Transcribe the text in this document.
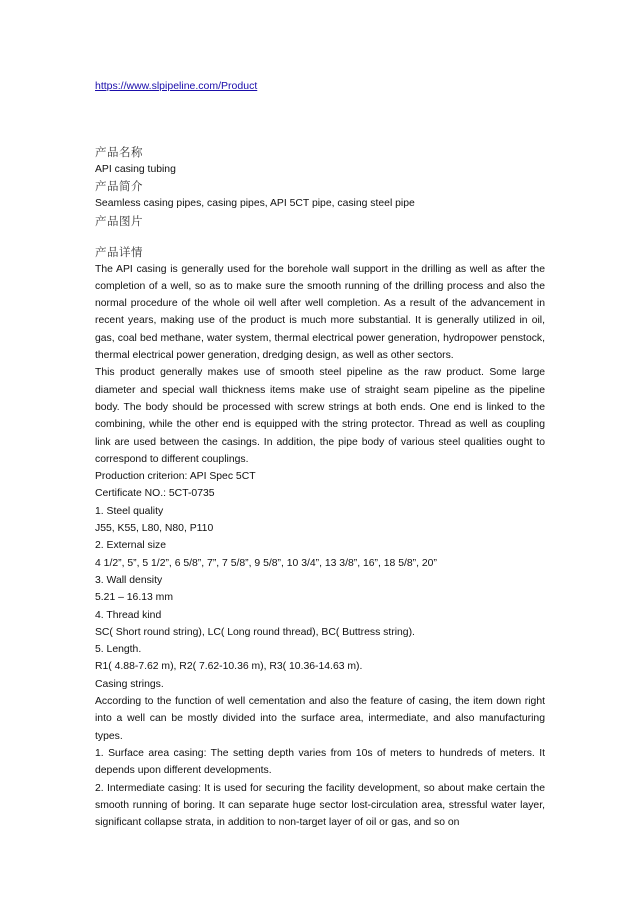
https://www.slpipeline.com/Product
产品名称
API casing tubing
产品简介
Seamless casing pipes, casing pipes, API 5CT pipe, casing steel pipe
产品图片
产品详情
The API casing is generally used for the borehole wall support in the drilling as well as after the completion of a well, so as to make sure the smooth running of the drilling process and also the normal procedure of the whole oil well after well completion. As a result of the advancement in recent years, making use of the product is much more substantial. It is generally utilized in oil, gas, coal bed methane, water system, thermal electrical power generation, hydropower penstock, thermal electrical power generation, dredging design, as well as other sectors.
This product generally makes use of smooth steel pipeline as the raw product. Some large diameter and special wall thickness items make use of straight seam pipeline as the pipeline body. The body should be processed with screw strings at both ends. One end is linked to the combining, while the other end is equipped with the string protector. Thread as well as coupling link are used between the casings. In addition, the pipe body of various steel qualities ought to correspond to different couplings.
Production criterion: API Spec 5CT
Certificate NO.: 5CT-0735
1. Steel quality
J55, K55, L80, N80, P110
2. External size
4 1/2”, 5”, 5 1/2”, 6 5/8”, 7”, 7 5/8”, 9 5/8”, 10 3/4”, 13 3/8”, 16”, 18 5/8”, 20”
3. Wall density
5.21 – 16.13 mm
4. Thread kind
SC( Short round string), LC( Long round thread), BC( Buttress string).
5. Length.
R1( 4.88-7.62 m), R2( 7.62-10.36 m), R3( 10.36-14.63 m).
Casing strings.
According to the function of well cementation and also the feature of casing, the item down right into a well can be mostly divided into the surface area, intermediate, and also manufacturing types.
1. Surface area casing: The setting depth varies from 10s of meters to hundreds of meters. It depends upon different developments.
2. Intermediate casing: It is used for securing the facility development, so about make certain the smooth running of boring. It can separate huge sector lost-circulation area, stressful water layer, significant collapse strata, in addition to non-target layer of oil or gas, and so on
